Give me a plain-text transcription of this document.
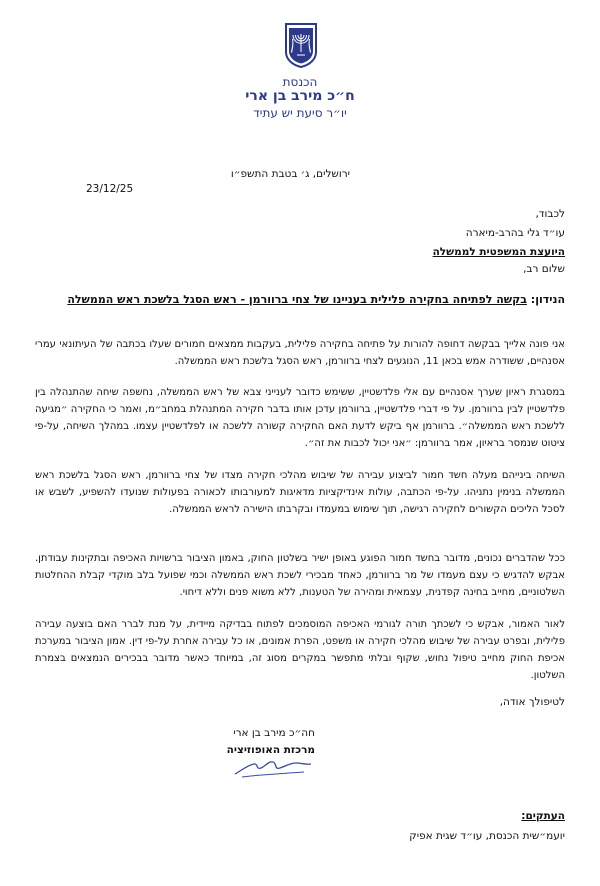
הכנסת
ח״כ מירב בן ארי
יו״ר סיעת יש עתיד
ירושלים, ג׳ בטבת התשפ״ו
23/12/25
לכבוד,
עו״ד גלי בהרב-מיארה
היועצת המשפטית לממשלה
שלום רב,
הנידון: בקשה לפתיחה בחקירה פלילית בעניינו של צחי ברוורמן - ראש הסגל בלשכת ראש הממשלה
אני פונה אלייך בבקשה דחופה להורות על פתיחה בחקירה פלילית, בעקבות ממצאים חמורים שעלו בכתבה של העיתונאי עמרי אסנהיים, ששודרה אמש בכאן 11, הנוגעים לצחי ברוורמן, ראש הסגל בלשכת ראש הממשלה.
במסגרת ראיון שערך אסנהיים עם אלי פלדשטיין, ששימש כדובר לענייני צבא של ראש הממשלה, נחשפה שיחה שהתנהלה בין פלדשטיין לבין ברוורמן. על פי דברי פלדשטיין, ברוורמן עדכן אותו בדבר חקירה המתנהלת במחב״מ, ואמר כי החקירה ״מגיעה ללשכת ראש הממשלה״. ברוורמן אף ביקש לדעת האם החקירה קשורה ללשכה או לפלדשטיין עצמו. במהלך השיחה, על-פי ציטוט שנמסר בראיון, אמר ברוורמן: ״אני יכול לכבות את זה״.
השיחה בינייהם מעלה חשד חמור לביצוע עבירה של שיבוש מהלכי חקירה מצדו של צחי ברוורמן, ראש הסגל בלשכת ראש הממשלה בנימין נתניהו. על-פי הכתבה, עולות אינדיקציות מדאיגות למעורבותו לכאורה בפעולות שנועדו להשפיע, לשבש או לסכל הליכים הקשורים לחקירה רגישה, תוך שימוש במעמדו ובקרבתו הישירה לראש הממשלה.
ככל שהדברים נכונים, מדובר בחשד חמור הפוגע באופן ישיר בשלטון החוק, באמון הציבור ברשויות האכיפה ובתקינות עבודתן. אבקש להדגיש כי עצם מעמדו של מר ברוורמן, כאחד מבכירי לשכת ראש הממשלה וכמי שפועל בלב מוקדי קבלת ההחלטות השלטוניים, מחייב בחינה קפדנית, עצמאית ומהירה של הטענות, ללא משוא פנים וללא דיחוי.
לאור האמור, אבקש כי לשכתך תורה לגורמי האכיפה המוסמכים לפתוח בבדיקה מיידית, על מנת לברר האם בוצעה עבירה פלילית, ובפרט עבירה של שיבוש מהלכי חקירה או משפט, הפרת אמונים, או כל עבירה אחרת על-פי דין. אמון הציבור במערכת אכיפת החוק מחייב טיפול נחוש, שקוף ובלתי מתפשר במקרים מסוג זה, במיוחד כאשר מדובר בבכירים הנמצאים בצמרת השלטון.
לטיפולך אודה,
חה״כ מירב בן ארי
מרכזת האופוזיציה
העתקים:
יועמ״שית הכנסת, עו״ד שגית אפיק
